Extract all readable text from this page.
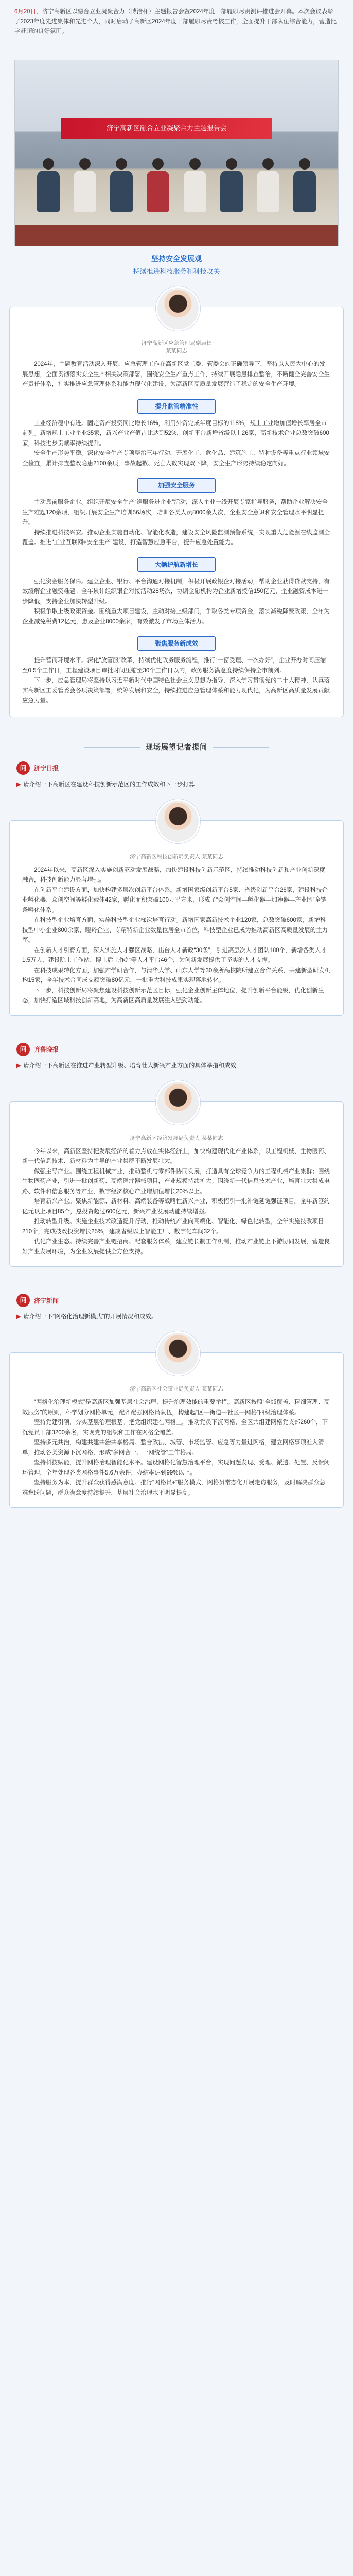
6月20日，济宁高新区以融合立业凝聚合力（博洽杯）主题报告会暨2024年度干部履职尽责测评推进会开幕。本次会议表彰了2023年度先进集体和先进个人，同时启动了高新区2024年度干部履职尽责考核工作，全面提升干部队伍综合能力，营造比学赶超的良好氛围。
济宁高新区融合立业凝聚合力主题报告会
坚持安全发展观
持续推进科技服务和科技攻关
济宁高新区应急管理局副局长
某某同志
2024年，主题教育活动深入开展，应急管理工作在高新区党工委、管委会的正确领导下，坚持以人民为中心的发展思想，全面贯彻落实安全生产相关决策部署，围绕安全生产重点工作，持续开展隐患排查整治，不断健全完善安全生产责任体系，扎实推进应急管理体系和能力现代化建设，为高新区高质量发展营造了稳定的安全生产环境。
提升监管精准性
工业经济稳中有进。固定资产投资同比增长16%，利用外资完成年度目标的118%，规上工业增加值增长率居全市前列。新增规上工业企业35家，新兴产业产值占比达到52%，创新平台新增省级以上26家，高新技术企业总数突破600家，科技进步贡献率持续提升。
安全生产形势平稳。深化安全生产专项整治三年行动，开展化工、危化品、建筑施工、特种设备等重点行业领域安全检查，累计排查整改隐患2100余项，事故起数、死亡人数实现双下降，安全生产形势持续稳定向好。
加强安全服务
主动靠前服务企业。组织开展安全生产“送服务进企业”活动，深入企业一线开展专家指导服务，帮助企业解决安全生产难题120余项，组织开展安全生产培训56场次，培训各类人员8000余人次，企业安全意识和安全管理水平明显提升。
持续推进科技兴安。推动企业实施自动化、智能化改造，建设安全风险监测预警系统，实现重大危险源在线监测全覆盖。推进“工业互联网+安全生产”建设，打造智慧应急平台，提升应急处置能力。
大额护航新增长
强化资金服务保障。建立企业、银行、平台沟通对接机制，积极开展政银企对接活动，帮助企业获得贷款支持，有效缓解企业融资难题。全年累计组织银企对接活动28场次，协调金融机构为企业新增授信150亿元，企业融资成本进一步降低，支持企业加快转型升级。
积极争取上级政策资金。围绕重大项目建设，主动对接上级部门，争取各类专项资金，落实减税降费政策，全年为企业减免税费12亿元，惠及企业8000余家，有效激发了市场主体活力。
聚焦服务新成效
提升营商环境水平。深化“放管服”改革，持续优化政务服务流程，推行“一窗受理、一次办好”，企业开办时间压缩至0.5个工作日，工程建设项目审批时间压缩至30个工作日以内，政务服务满意度持续保持全市前列。
下一步，应急管理局将坚持以习近平新时代中国特色社会主义思想为指导，深入学习贯彻党的二十大精神，认真落实高新区工委管委会各项决策部署，统筹发展和安全，持续推进应急管理体系和能力现代化，为高新区高质量发展贡献应急力量。
现场展望记者提问
问	济宁日报
▶ 请介绍一下高新区在建设科技创新示范区的工作成效和下一步打算
济宁高新区科技创新局负责人 某某同志
2024年以来，高新区深入实施创新驱动发展战略，加快建设科技创新示范区，持续推动科技创新和产业创新深度融合，科技创新能力显著增强。
在创新平台建设方面，加快构建多层次创新平台体系。新增国家级创新平台5家、省级创新平台26家，建设科技企业孵化器、众创空间等孵化载体42家，孵化面积突破100万平方米，形成了“众创空间—孵化器—加速器—产业园”全链条孵化体系。
在科技型企业培育方面，实施科技型企业梯次培育行动。新增国家高新技术企业120家，总数突破600家；新增科技型中小企业800余家，瞪羚企业、专精特新企业数量位居全市首位，科技型企业已成为推动高新区高质量发展的主力军。
在创新人才引育方面，深入实施人才强区战略，出台人才新政“30条”，引进高层次人才团队180个，新增各类人才1.5万人，建设院士工作站、博士后工作站等人才平台46个，为创新发展提供了坚实的人才支撑。
在科技成果转化方面，加强产学研合作，与清华大学、山东大学等30余所高校院所建立合作关系，共建新型研发机构15家，全年技术合同成交额突破80亿元，一批重大科技成果实现落地转化。
下一步，科技创新局将聚焦建设科技创新示范区目标，强化企业创新主体地位，提升创新平台能级，优化创新生态，加快打造区域科技创新高地，为高新区高质量发展注入强劲动能。
问	齐鲁晚报
▶ 请介绍一下高新区在推进产业转型升级、培育壮大新兴产业方面的具体举措和成效
济宁高新区经济发展局负责人 某某同志
今年以来，高新区坚持把发展经济的着力点放在实体经济上，加快构建现代化产业体系，以工程机械、生物医药、新一代信息技术、新材料为主导的产业集群不断发展壮大。
做强主导产业。围绕工程机械产业，推动整机与零部件协同发展，打造具有全球竞争力的工程机械产业集群；围绕生物医药产业，引进一批创新药、高端医疗器械项目，产业规模持续扩大；围绕新一代信息技术产业，培育壮大集成电路、软件和信息服务等产业，数字经济核心产业增加值增长20%以上。
培育新兴产业。聚焦新能源、新材料、高端装备等战略性新兴产业，积极招引一批补链延链强链项目。全年新签约亿元以上项目85个，总投资超过600亿元，新兴产业发展动能持续增强。
推动转型升级。实施企业技术改造提升行动，推动传统产业向高端化、智能化、绿色化转型，全年实施技改项目210个，完成技改投资增长25%，建成省级以上智能工厂、数字化车间32个。
优化产业生态。持续完善产业链招商、配套服务体系，建立链长制工作机制，推动产业链上下游协同发展，营造良好产业发展环境，为企业发展提供全方位支持。
问	济宁新闻
▶ 请介绍一下“网格化治理新模式”的开展情况和成效。
济宁高新区社会事业局负责人 某某同志
“网格化治理新模式”是高新区加强基层社会治理、提升治理效能的重要举措。高新区按照“全域覆盖、精细管理、高效服务”的原则，科学划分网格单元，配齐配强网格员队伍，构建起“区—街道—社区—网格”四级治理体系。
坚持党建引领，夯实基层治理根基。把党组织建在网格上，推动党员下沉网格，全区共组建网格党支部260个，下沉党员干部3200余名，实现党的组织和工作在网格全覆盖。
坚持多元共治，构建共建共治共享格局。整合政法、城管、市场监管、应急等力量进网格，建立网格事项准入清单，推动各类资源下沉网格，形成“多网合一、一网统管”工作格局。
坚持科技赋能，提升网格治理智能化水平。建设网格化智慧治理平台，实现问题发现、受理、派遣、处置、反馈闭环管理，全年处理各类网格事件5.6万余件，办结率达到99%以上。
坚持服务为本，提升群众获得感满意度。推行“网格员+”服务模式，网格员常态化开展走访服务，及时解决群众急难愁盼问题，群众满意度持续提升，基层社会治理水平明显提高。
